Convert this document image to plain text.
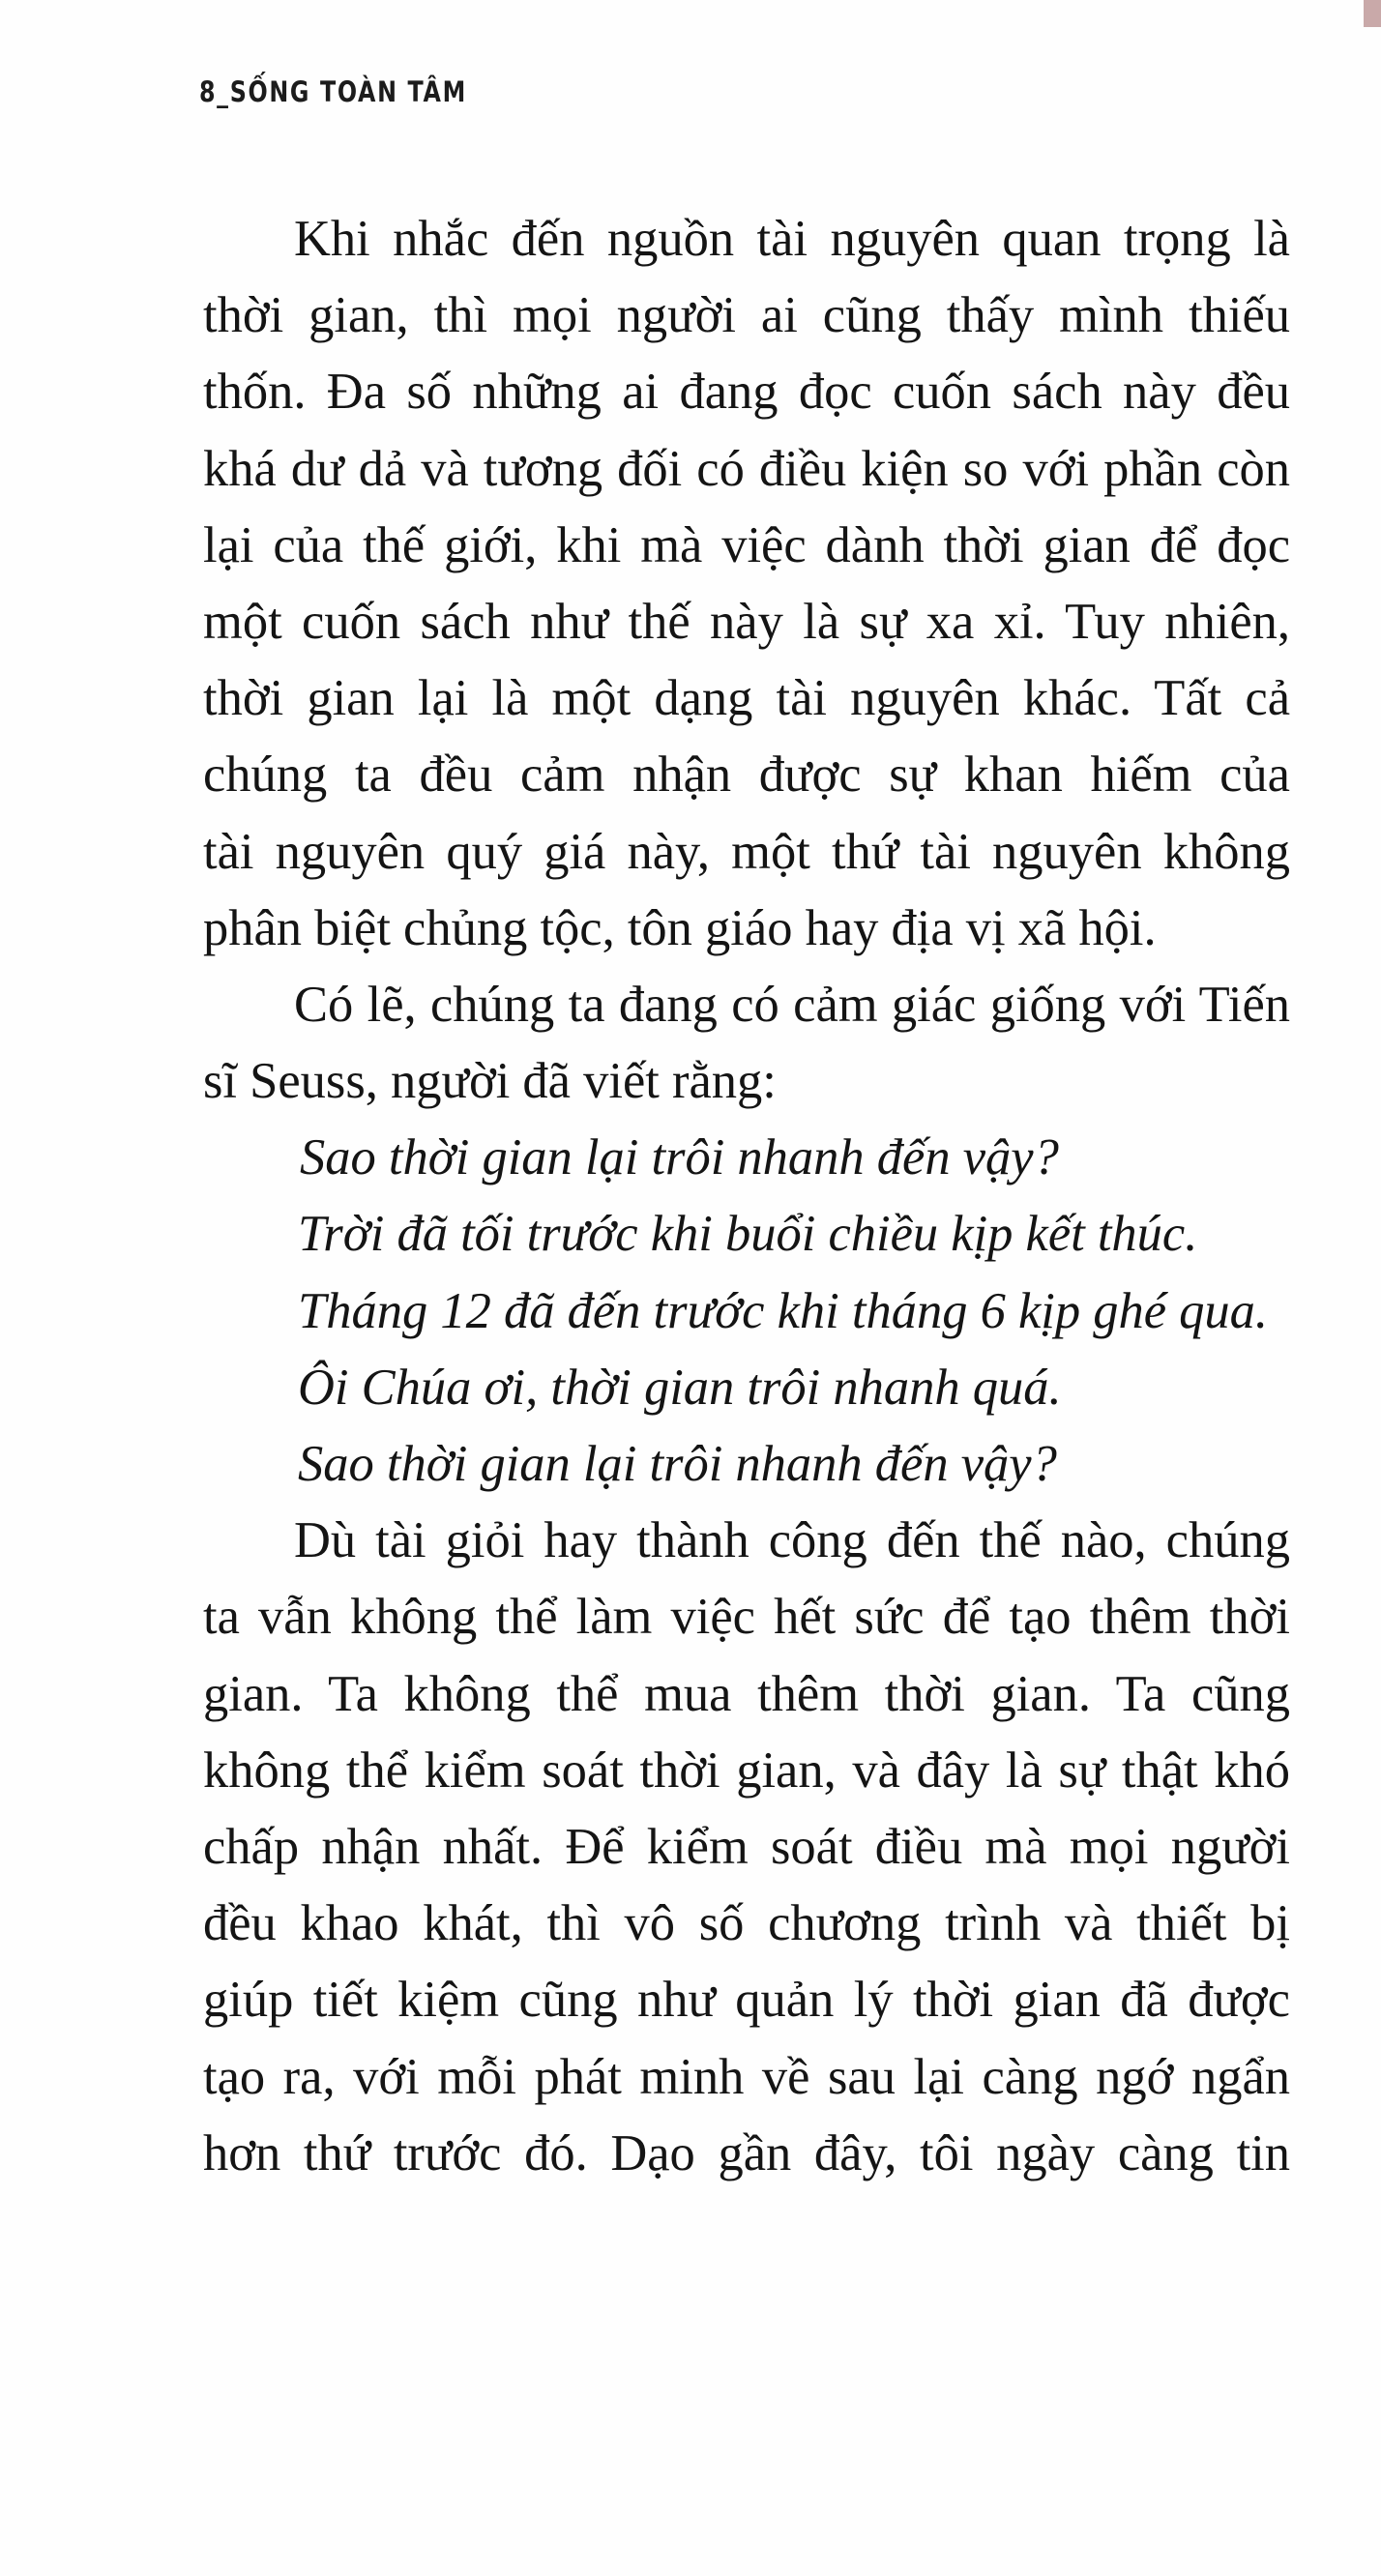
8_SỐNG TOÀN TÂM
Khi nhắc đến nguồn tài nguyên quan trọng là
thời gian, thì mọi người ai cũng thấy mình thiếu
thốn. Đa số những ai đang đọc cuốn sách này đều
khá dư dả và tương đối có điều kiện so với phần còn
lại của thế giới, khi mà việc dành thời gian để đọc
một cuốn sách như thế này là sự xa xỉ. Tuy nhiên,
thời gian lại là một dạng tài nguyên khác. Tất cả
chúng ta đều cảm nhận được sự khan hiếm của
tài nguyên quý giá này, một thứ tài nguyên không
phân biệt chủng tộc, tôn giáo hay địa vị xã hội.
Có lẽ, chúng ta đang có cảm giác giống với Tiến
sĩ Seuss, người đã viết rằng:
Sao thời gian lại trôi nhanh đến vậy?
Trời đã tối trước khi buổi chiều kịp kết thúc.
Tháng 12 đã đến trước khi tháng 6 kịp ghé qua.
Ôi Chúa ơi, thời gian trôi nhanh quá.
Sao thời gian lại trôi nhanh đến vậy?
Dù tài giỏi hay thành công đến thế nào, chúng
ta vẫn không thể làm việc hết sức để tạo thêm thời
gian. Ta không thể mua thêm thời gian. Ta cũng
không thể kiểm soát thời gian, và đây là sự thật khó
chấp nhận nhất. Để kiểm soát điều mà mọi người
đều khao khát, thì vô số chương trình và thiết bị
giúp tiết kiệm cũng như quản lý thời gian đã được
tạo ra, với mỗi phát minh về sau lại càng ngớ ngẩn
hơn thứ trước đó. Dạo gần đây, tôi ngày càng tin
